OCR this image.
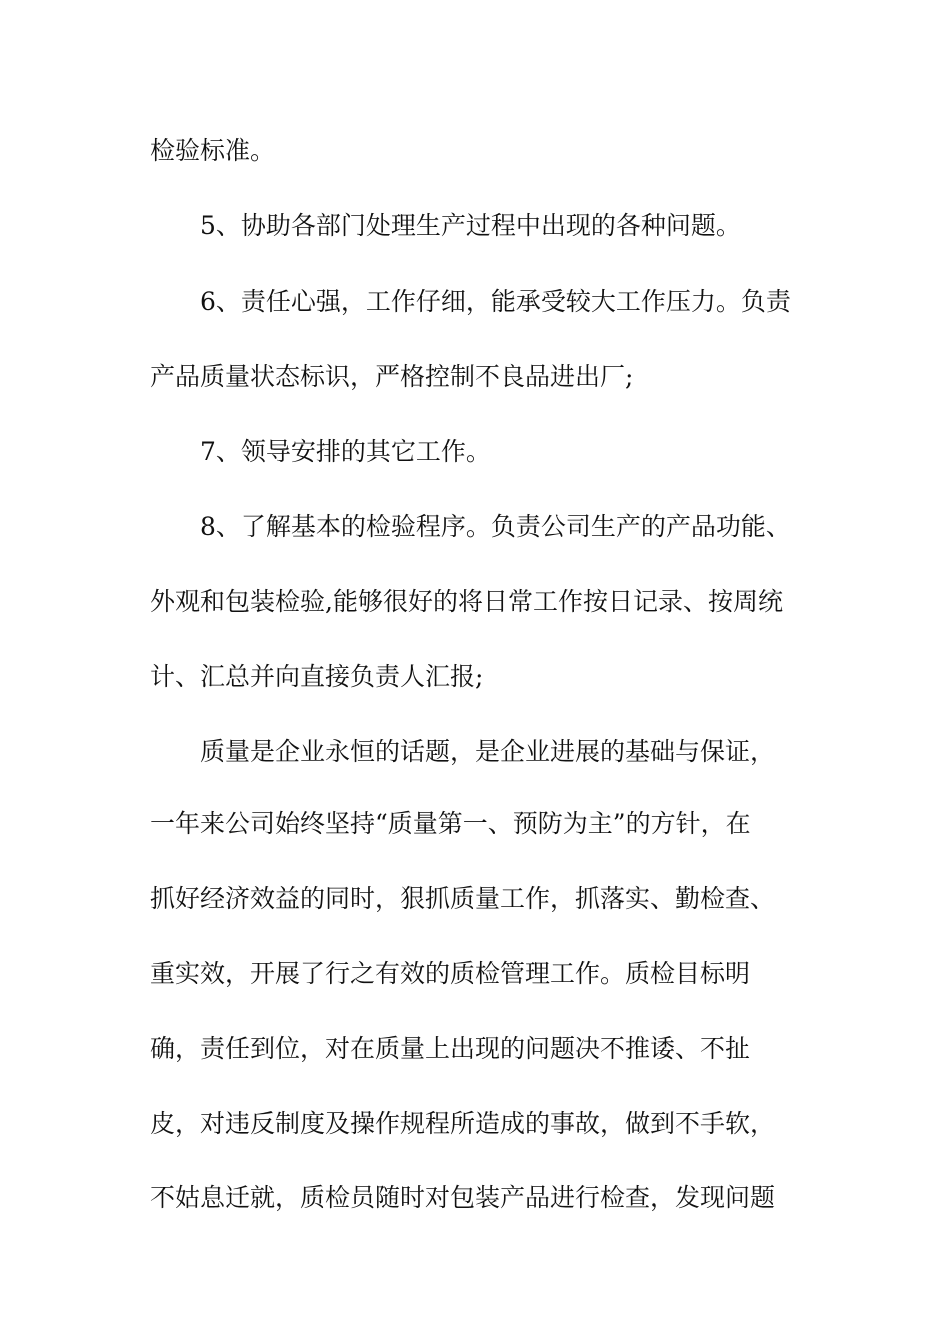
检验标准。
5、协助各部门处理生产过程中出现的各种问题。
6、责任心强，工作仔细，能承受较大工作压力。负责
产品质量状态标识，严格控制不良品进出厂;
7、领导安排的其它工作。
8、了解基本的检验程序。负责公司生产的产品功能、
外观和包装检验,能够很好的将日常工作按日记录、按周统
计、汇总并向直接负责人汇报;
质量是企业永恒的话题，是企业进展的基础与保证，
一年来公司始终坚持“质量第一、预防为主”的方针，在
抓好经济效益的同时，狠抓质量工作，抓落实、勤检查、
重实效，开展了行之有效的质检管理工作。质检目标明
确，责任到位，对在质量上出现的问题决不推诿、不扯
皮，对违反制度及操作规程所造成的事故，做到不手软，
不姑息迁就，质检员随时对包装产品进行检查，发现问题
